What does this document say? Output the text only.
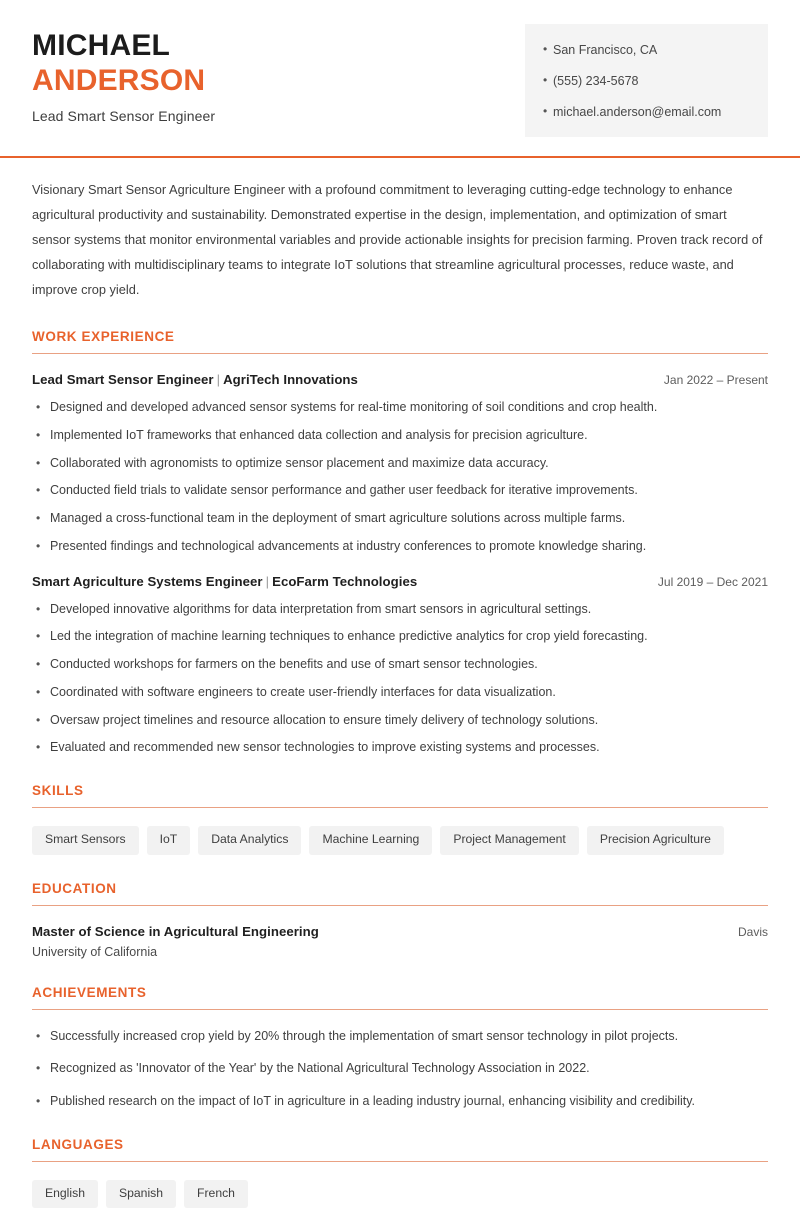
MICHAEL
ANDERSON
Lead Smart Sensor Engineer
• San Francisco, CA
• (555) 234-5678
• michael.anderson@email.com
Visionary Smart Sensor Agriculture Engineer with a profound commitment to leveraging cutting-edge technology to enhance agricultural productivity and sustainability. Demonstrated expertise in the design, implementation, and optimization of smart sensor systems that monitor environmental variables and provide actionable insights for precision farming. Proven track record of collaborating with multidisciplinary teams to integrate IoT solutions that streamline agricultural processes, reduce waste, and improve crop yield.
WORK EXPERIENCE
Lead Smart Sensor Engineer | AgriTech Innovations	Jan 2022 – Present
• Designed and developed advanced sensor systems for real-time monitoring of soil conditions and crop health.
• Implemented IoT frameworks that enhanced data collection and analysis for precision agriculture.
• Collaborated with agronomists to optimize sensor placement and maximize data accuracy.
• Conducted field trials to validate sensor performance and gather user feedback for iterative improvements.
• Managed a cross-functional team in the deployment of smart agriculture solutions across multiple farms.
• Presented findings and technological advancements at industry conferences to promote knowledge sharing.
Smart Agriculture Systems Engineer | EcoFarm Technologies	Jul 2019 – Dec 2021
• Developed innovative algorithms for data interpretation from smart sensors in agricultural settings.
• Led the integration of machine learning techniques to enhance predictive analytics for crop yield forecasting.
• Conducted workshops for farmers on the benefits and use of smart sensor technologies.
• Coordinated with software engineers to create user-friendly interfaces for data visualization.
• Oversaw project timelines and resource allocation to ensure timely delivery of technology solutions.
• Evaluated and recommended new sensor technologies to improve existing systems and processes.
SKILLS
Smart Sensors	IoT	Data Analytics	Machine Learning	Project Management	Precision Agriculture
EDUCATION
Master of Science in Agricultural Engineering	Davis
University of California
ACHIEVEMENTS
• Successfully increased crop yield by 20% through the implementation of smart sensor technology in pilot projects.
• Recognized as 'Innovator of the Year' by the National Agricultural Technology Association in 2022.
• Published research on the impact of IoT in agriculture in a leading industry journal, enhancing visibility and credibility.
LANGUAGES
English	Spanish	French
